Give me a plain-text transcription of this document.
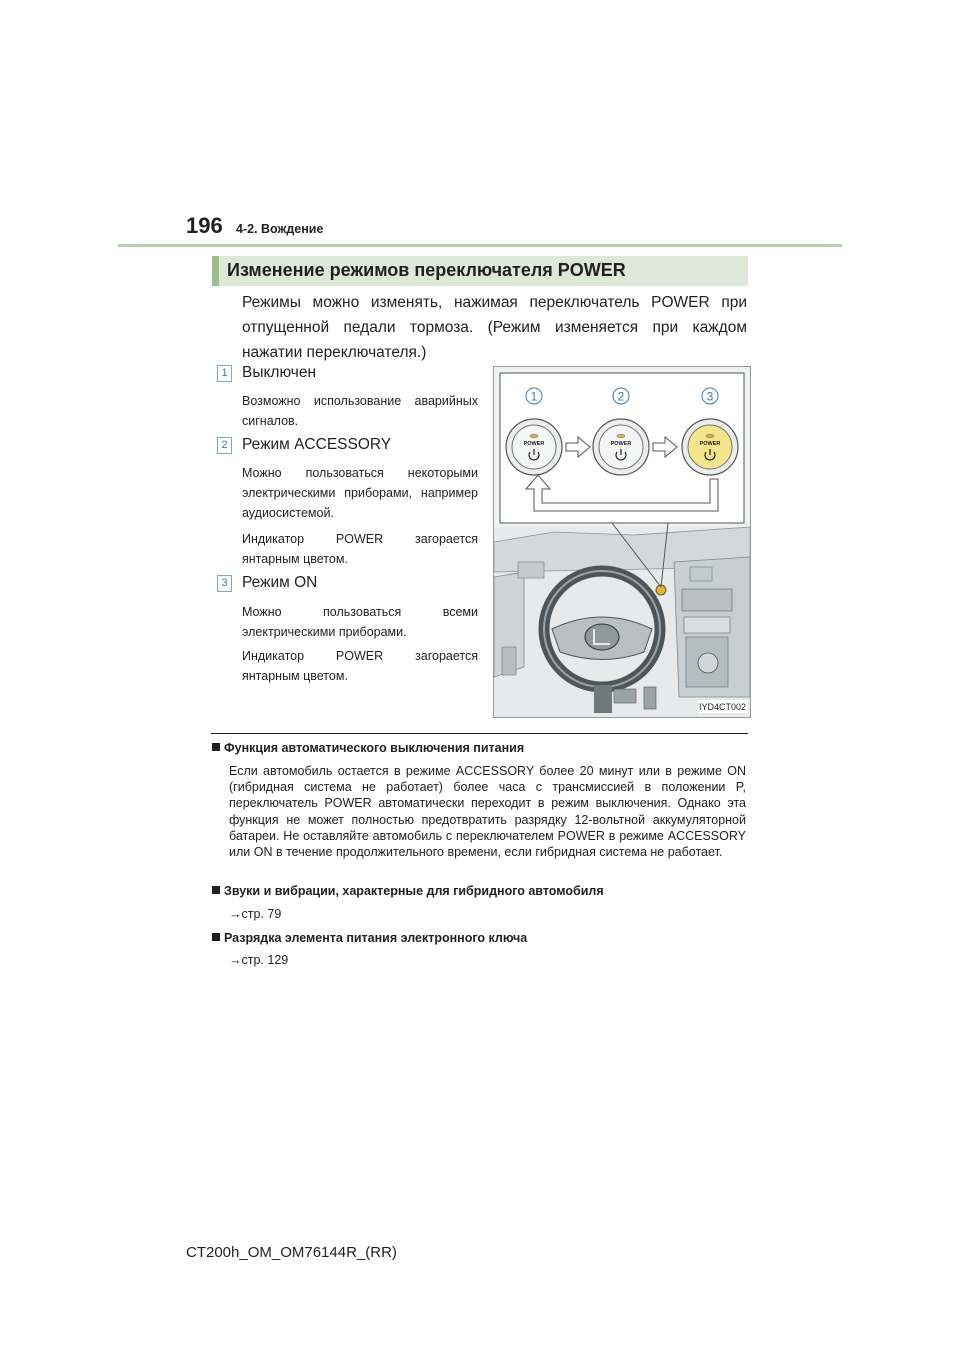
196 4-2. Вождение
Изменение режимов переключателя POWER
Режимы можно изменять, нажимая переключатель POWER при отпущенной педали тормоза. (Режим изменяется при каждом нажатии переключателя.)
1 Выключен
Возможно использование аварийных сигналов.
2 Режим ACCESSORY
Можно пользоваться некоторыми электрическими приборами, например аудиосистемой.
Индикатор POWER загорается янтарным цветом.
3 Режим ON
Можно пользоваться всеми электрическими приборами.
Индикатор POWER загорается янтарным цветом.
1	2	3
POWER	POWER	POWER
IYD4CT002
Функция автоматического выключения питания
Если автомобиль остается в режиме ACCESSORY более 20 минут или в режиме ON (гибридная система не работает) более часа с трансмиссией в положении P, переключатель POWER автоматически переходит в режим выключения. Однако эта функция не может полностью предотвратить разрядку 12-вольтной аккумуляторной батареи. Не оставляйте автомобиль с переключателем POWER в режиме ACCESSORY или ON в течение продолжительного времени, если гибридная система не работает.
Звуки и вибрации, характерные для гибридного автомобиля
→стр. 79
Разрядка элемента питания электронного ключа
→стр. 129
CT200h_OM_OM76144R_(RR)
